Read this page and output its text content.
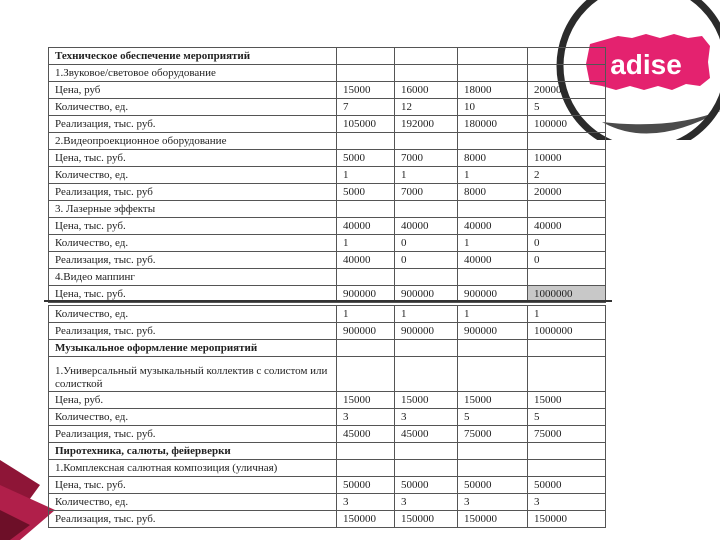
adise
Техническое обеспечение мероприятий				
1.Звуковое/световое оборудование				
Цена, руб	15000	16000	18000	20000
Количество, ед.	7	12	10	5
Реализация, тыс. руб.	105000	192000	180000	100000
2.Видеопроекционное оборудование				
Цена, тыс. руб.	5000	7000	8000	10000
Количество, ед.	1	1	1	2
Реализация, тыс. руб	5000	7000	8000	20000
3. Лазерные эффекты				
Цена, тыс. руб.	40000	40000	40000	40000
Количество, ед.	1	0	1	0
Реализация, тыс. руб.	40000	0	40000	0
4.Видео маппинг				
Цена, тыс. руб.	900000	900000	900000	1000000
Количество, ед.	1	1	1	1
Реализация, тыс. руб.	900000	900000	900000	1000000
Музыкальное оформление мероприятий				
1.Универсальный музыкальный коллектив с солистом или солисткой				
Цена, руб.	15000	15000	15000	15000
Количество, ед.	3	3	5	5
Реализация, тыс. руб.	45000	45000	75000	75000
Пиротехника, салюты, фейерверки				
1.Комплексная салютная композиция (уличная)				
Цена, тыс. руб.	50000	50000	50000	50000
Количество, ед.	3	3	3	3
Реализация, тыс. руб.	150000	150000	150000	150000
